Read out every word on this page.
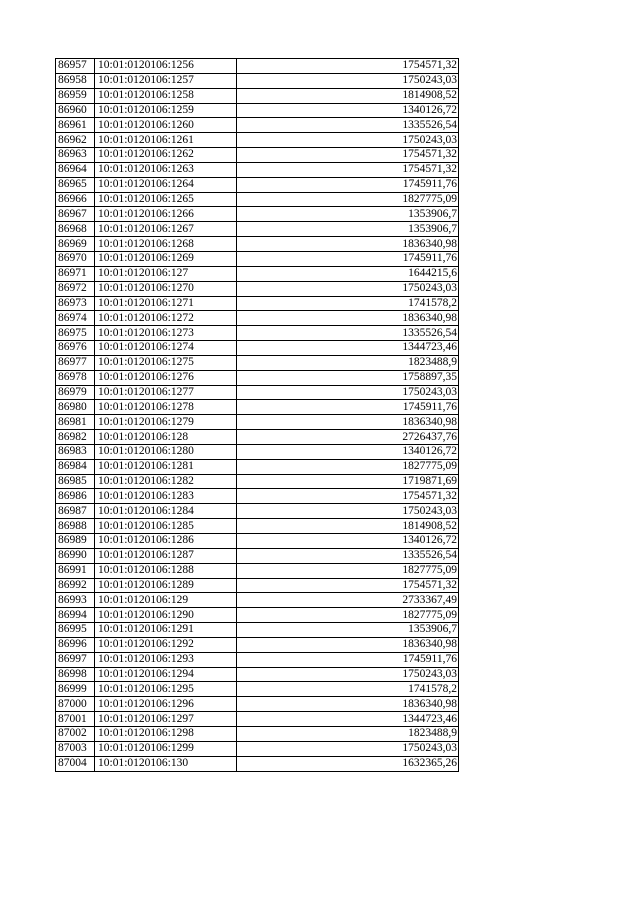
86957	10:01:0120106:1256	1754571,32
86958	10:01:0120106:1257	1750243,03
86959	10:01:0120106:1258	1814908,52
86960	10:01:0120106:1259	1340126,72
86961	10:01:0120106:1260	1335526,54
86962	10:01:0120106:1261	1750243,03
86963	10:01:0120106:1262	1754571,32
86964	10:01:0120106:1263	1754571,32
86965	10:01:0120106:1264	1745911,76
86966	10:01:0120106:1265	1827775,09
86967	10:01:0120106:1266	1353906,7
86968	10:01:0120106:1267	1353906,7
86969	10:01:0120106:1268	1836340,98
86970	10:01:0120106:1269	1745911,76
86971	10:01:0120106:127	1644215,6
86972	10:01:0120106:1270	1750243,03
86973	10:01:0120106:1271	1741578,2
86974	10:01:0120106:1272	1836340,98
86975	10:01:0120106:1273	1335526,54
86976	10:01:0120106:1274	1344723,46
86977	10:01:0120106:1275	1823488,9
86978	10:01:0120106:1276	1758897,35
86979	10:01:0120106:1277	1750243,03
86980	10:01:0120106:1278	1745911,76
86981	10:01:0120106:1279	1836340,98
86982	10:01:0120106:128	2726437,76
86983	10:01:0120106:1280	1340126,72
86984	10:01:0120106:1281	1827775,09
86985	10:01:0120106:1282	1719871,69
86986	10:01:0120106:1283	1754571,32
86987	10:01:0120106:1284	1750243,03
86988	10:01:0120106:1285	1814908,52
86989	10:01:0120106:1286	1340126,72
86990	10:01:0120106:1287	1335526,54
86991	10:01:0120106:1288	1827775,09
86992	10:01:0120106:1289	1754571,32
86993	10:01:0120106:129	2733367,49
86994	10:01:0120106:1290	1827775,09
86995	10:01:0120106:1291	1353906,7
86996	10:01:0120106:1292	1836340,98
86997	10:01:0120106:1293	1745911,76
86998	10:01:0120106:1294	1750243,03
86999	10:01:0120106:1295	1741578,2
87000	10:01:0120106:1296	1836340,98
87001	10:01:0120106:1297	1344723,46
87002	10:01:0120106:1298	1823488,9
87003	10:01:0120106:1299	1750243,03
87004	10:01:0120106:130	1632365,26
